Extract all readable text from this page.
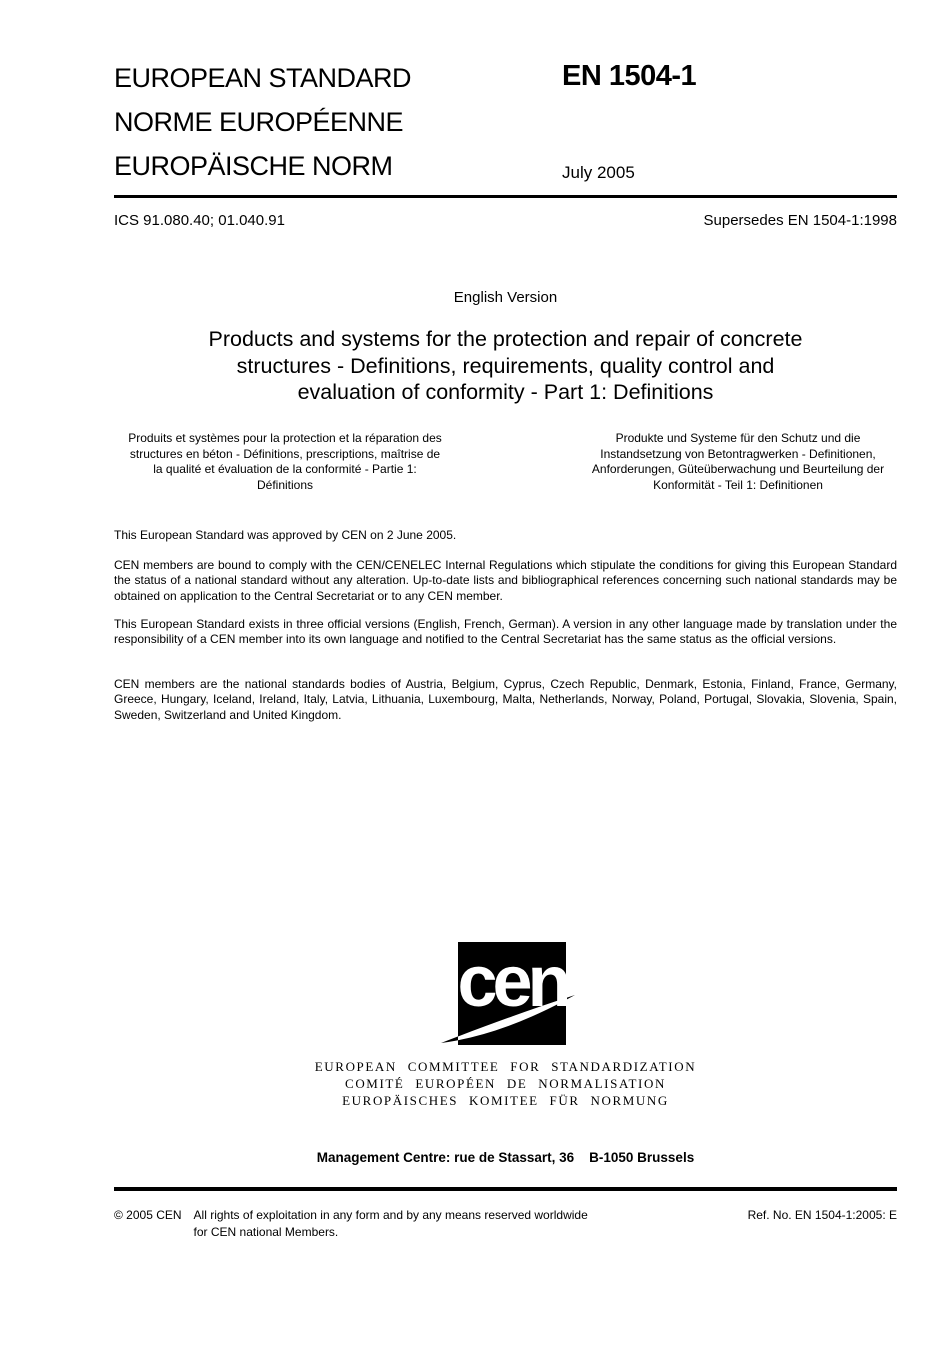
EUROPEAN STANDARD
NORME EUROPÉENNE
EUROPÄISCHE NORM
EN 1504-1
July 2005
ICS 91.080.40; 01.040.91	Supersedes EN 1504-1:1998
English Version
Products and systems for the protection and repair of concrete
structures - Definitions, requirements, quality control and
evaluation of conformity - Part 1: Definitions
Produits et systèmes pour la protection et la réparation des
structures en béton - Définitions, prescriptions, maîtrise de
la qualité et évaluation de la conformité - Partie 1:
Définitions
Produkte und Systeme für den Schutz und die
Instandsetzung von Betontragwerken - Definitionen,
Anforderungen, Güteüberwachung und Beurteilung der
Konformität - Teil 1: Definitionen
This European Standard was approved by CEN on 2 June 2005.
CEN members are bound to comply with the CEN/CENELEC Internal Regulations which stipulate the conditions for giving this European Standard the status of a national standard without any alteration. Up-to-date lists and bibliographical references concerning such national standards may be obtained on application to the Central Secretariat or to any CEN member.
This European Standard exists in three official versions (English, French, German). A version in any other language made by translation under the responsibility of a CEN member into its own language and notified to the Central Secretariat has the same status as the official versions.
CEN members are the national standards bodies of Austria, Belgium, Cyprus, Czech Republic, Denmark, Estonia, Finland, France, Germany, Greece, Hungary, Iceland, Ireland, Italy, Latvia, Lithuania, Luxembourg, Malta, Netherlands, Norway, Poland, Portugal, Slovakia, Slovenia, Spain, Sweden, Switzerland and United Kingdom.
cen
EUROPEAN COMMITTEE FOR STANDARDIZATION
COMITÉ EUROPÉEN DE NORMALISATION
EUROPÄISCHES KOMITEE FÜR NORMUNG
Management Centre: rue de Stassart, 36    B-1050 Brussels
© 2005 CEN All rights of exploitation in any form and by any means reserved worldwide for CEN national Members.
Ref. No. EN 1504-1:2005: E
